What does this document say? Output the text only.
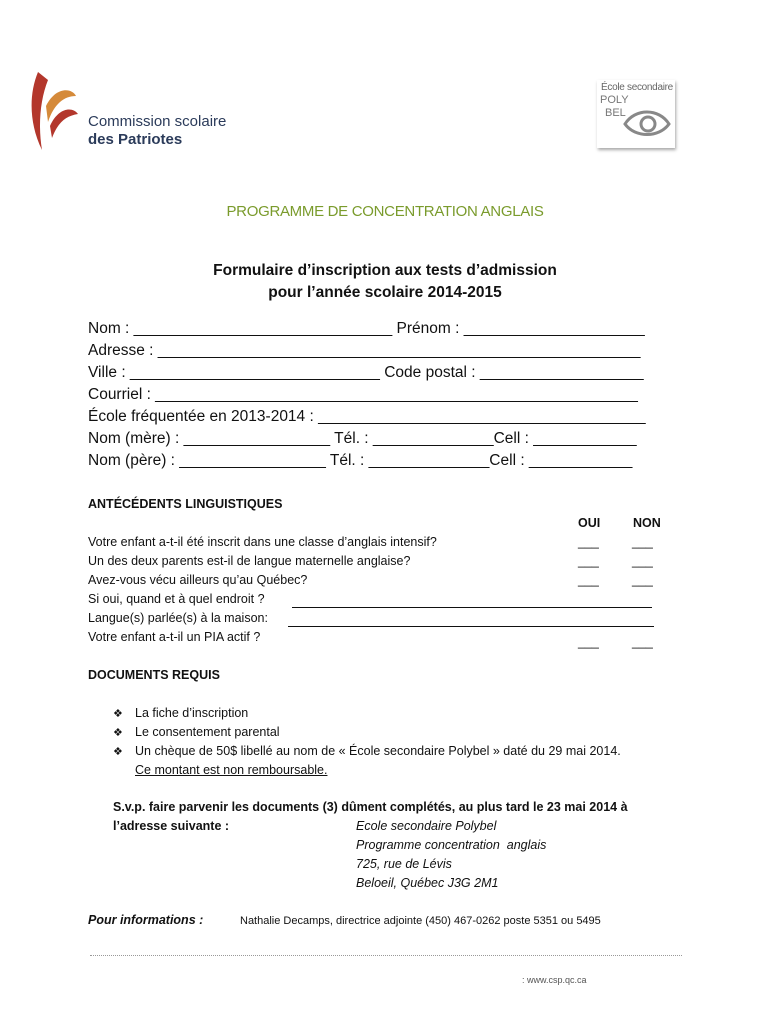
Commission scolaire
des Patriotes
École secondaire
POLY
BEL
PROGRAMME DE CONCENTRATION ANGLAIS
Formulaire d’inscription aux tests d’admission
pour l’année scolaire 2014-2015
Nom : ______________________________ Prénom : _____________________
Adresse : ________________________________________________________
Ville : _____________________________ Code postal : ___________________
Courriel : ________________________________________________________
École fréquentée en 2013-2014 : ______________________________________
Nom (mère) : _________________ Tél. : ______________Cell : ____________
Nom (père) : _________________ Tél. : ______________Cell : ____________
ANTÉCÉDENTS LINGUISTIQUES
OUI	NON
Votre enfant a-t-il été inscrit dans une classe d’anglais intensif?	___	___
Un des deux parents est-il de langue maternelle anglaise?	___	___
Avez-vous vécu ailleurs qu’au Québec?	___	___
Si oui, quand et à quel endroit ?
Langue(s) parlée(s) à la maison:
Votre enfant a-t-il un PIA actif ?	___	___
DOCUMENTS REQUIS
❖ La fiche d’inscription
❖ Le consentement parental
❖ Un chèque de 50$ libellé au nom de « École secondaire Polybel » daté du 29 mai 2014.
Ce montant est non remboursable.
S.v.p. faire parvenir les documents (3) dûment complétés, au plus tard le 23 mai 2014 à
l’adresse suivante :	Ecole secondaire Polybel
Programme concentration  anglais
725, rue de Lévis
Beloeil, Québec J3G 2M1
Pour informations :	Nathalie Decamps, directrice adjointe (450) 467-0262 poste 5351 ou 5495
: www.csp.qc.ca
